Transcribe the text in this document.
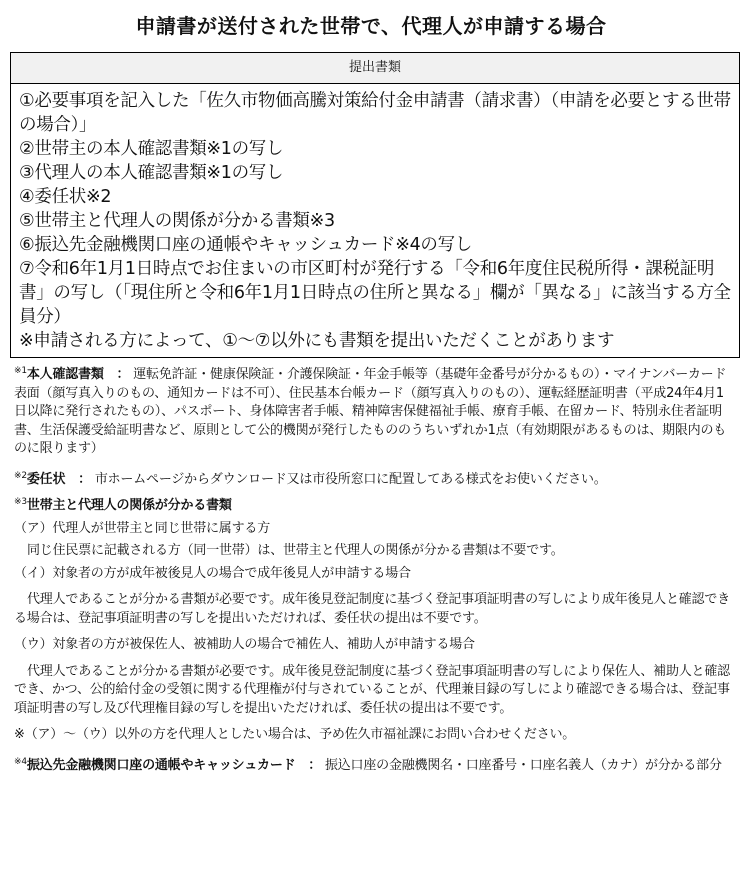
申請書が送付された世帯で、代理人が申請する場合
提出書類
①必要事項を記入した「佐久市物価高騰対策給付金申請書（請求書）（申請を必要とする世帯の場合）」
②世帯主の本人確認書類※1の写し
③代理人の本人確認書類※1の写し
④委任状※2
⑤世帯主と代理人の関係が分かる書類※3
⑥振込先金融機関口座の通帳やキャッシュカード※4の写し
⑦令和6年1月1日時点でお住まいの市区町村が発行する「令和6年度住民税所得・課税証明書」の写し（「現住所と令和6年1月1日時点の住所と異なる」欄が「異なる」に該当する方全員分）
※申請される方によって、①～⑦以外にも書類を提出いただくことがあります
$^{※1}$本人確認書類　： 運転免許証・健康保険証・介護保険証・年金手帳等（基礎年金番号が分かるもの）・マイナンバーカード表面（顔写真入りのもの、通知カードは不可）、住民基本台帳カード（顔写真入りのもの）、運転経歴証明書（平成24年4月1日以降に発行されたもの）、パスポート、身体障害者手帳、精神障害保健福祉手帳、療育手帳、在留カード、特別永住者証明書、生活保護受給証明書など、原則として公的機関が発行したもののうちいずれか1点（有効期限があるものは、期限内のものに限ります）
$^{※2}$委任状　： 市ホームページからダウンロード又は市役所窓口に配置してある様式をお使いください。
$^{※3}$世帯主と代理人の関係が分かる書類
（ア）代理人が世帯主と同じ世帯に属する方
同じ住民票に記載される方（同一世帯）は、世帯主と代理人の関係が分かる書類は不要です。
（イ）対象者の方が成年被後見人の場合で成年後見人が申請する場合
代理人であることが分かる書類が必要です。成年後見登記制度に基づく登記事項証明書の写しにより成年後見人と確認できる場合は、登記事項証明書の写しを提出いただければ、委任状の提出は不要です。
（ウ）対象者の方が被保佐人、被補助人の場合で補佐人、補助人が申請する場合
代理人であることが分かる書類が必要です。成年後見登記制度に基づく登記事項証明書の写しにより保佐人、補助人と確認でき、かつ、公的給付金の受領に関する代理権が付与されていることが、代理兼目録の写しにより確認できる場合は、登記事項証明書の写し及び代理権目録の写しを提出いただければ、委任状の提出は不要です。
※（ア）～（ウ）以外の方を代理人としたい場合は、予め佐久市福祉課にお問い合わせください。
$^{※4}$振込先金融機関口座の通帳やキャッシュカード　： 振込口座の金融機関名・口座番号・口座名義人（カナ）が分かる部分
